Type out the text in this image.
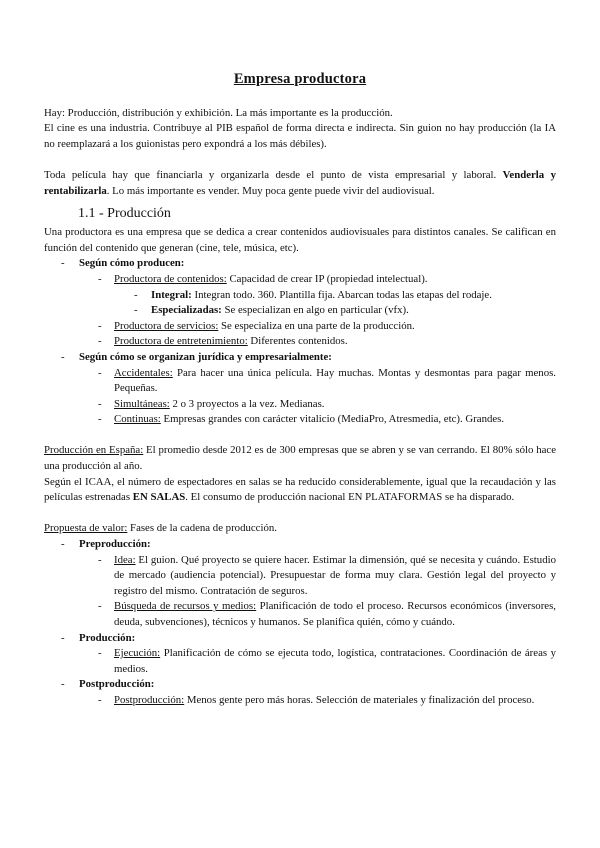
Empresa productora

Hay: Producción, distribución y exhibición. La más importante es la producción.

El cine es una industria. Contribuye al PIB español de forma directa e indirecta. Sin guion no hay producción (la IA no reemplazará a los guionistas pero expondrá a los más débiles).

Toda película hay que financiarla y organizarla desde el punto de vista empresarial y laboral. Venderla y rentabilizarla. Lo más importante es vender. Muy poca gente puede vivir del audiovisual.

1.1 - Producción

Una productora es una empresa que se dedica a crear contenidos audiovisuales para distintos canales. Se califican en función del contenido que generan (cine, tele, música, etc).

- Según cómo producen:
- Productora de contenidos: Capacidad de crear IP (propiedad intelectual).
- Integral: Integran todo. 360. Plantilla fija. Abarcan todas las etapas del rodaje.
- Especializadas: Se especializan en algo en particular (vfx).
- Productora de servicios: Se especializa en una parte de la producción.
- Productora de entretenimiento: Diferentes contenidos.
- Según cómo se organizan jurídica y empresarialmente:
- Accidentales: Para hacer una única película. Hay muchas. Montas y desmontas para pagar menos. Pequeñas.
- Simultáneas: 2 o 3 proyectos a la vez. Medianas.
- Continuas: Empresas grandes con carácter vitalicio (MediaPro, Atresmedia, etc). Grandes.

Producción en España: El promedio desde 2012 es de 300 empresas que se abren y se van cerrando. El 80% sólo hace una producción al año.

Según el ICAA, el número de espectadores en salas se ha reducido considerablemente, igual que la recaudación y las películas estrenadas EN SALAS. El consumo de producción nacional EN PLATAFORMAS se ha disparado.

Propuesta de valor: Fases de la cadena de producción.

- Preproducción:
- Idea: El guion. Qué proyecto se quiere hacer. Estimar la dimensión, qué se necesita y cuándo. Estudio de mercado (audiencia potencial). Presupuestar de forma muy clara. Gestión legal del proyecto y registro del mismo. Contratación de seguros.
- Búsqueda de recursos y medios: Planificación de todo el proceso. Recursos económicos (inversores, deuda, subvenciones), técnicos y humanos. Se planifica quién, cómo y cuándo.
- Producción:
- Ejecución: Planificación de cómo se ejecuta todo, logística, contrataciones. Coordinación de áreas y medios.
- Postproducción:
- Postproducción: Menos gente pero más horas. Selección de materiales y finalización del proceso.
